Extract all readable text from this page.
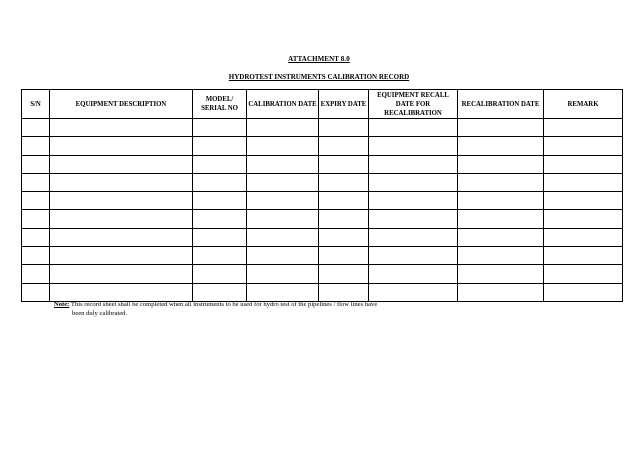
ATTACHMENT 8.0
HYDROTEST INSTRUMENTS CALIBRATION RECORD
S/N	EQUIPMENT DESCRIPTION	MODEL/ SERIAL NO	CALIBRATION DATE	EXPIRY DATE	EQUIPMENT RECALL DATE FOR RECALIBRATION	RECALIBRATION DATE	REMARK

Note: This record sheet shall be completed when all instruments to be used for hydro test of the pipelines / flow lines have
been duly calibrated.
